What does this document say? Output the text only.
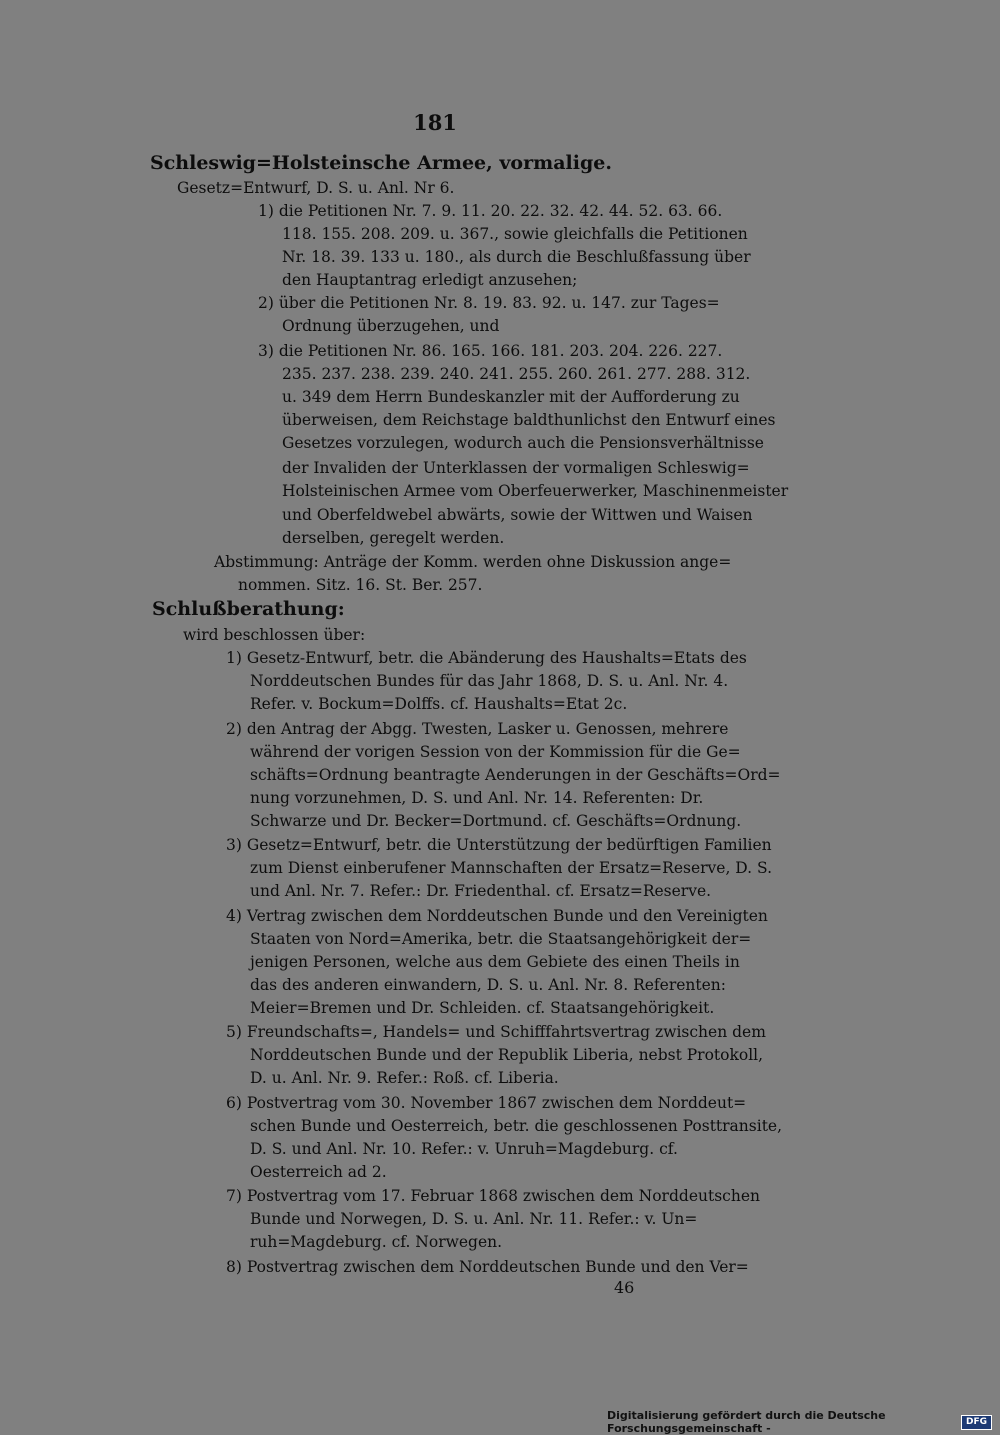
181
Schleswig=Holsteinsche Armee, vormalige.
Gesetz=Entwurf, D. S. u. Anl. Nr 6.
1) die Petitionen Nr. 7. 9. 11. 20. 22. 32. 42. 44. 52. 63. 66.
118. 155. 208. 209. u. 367., sowie gleichfalls die Petitionen
Nr. 18. 39. 133 u. 180., als durch die Beschlußfassung über
den Hauptantrag erledigt anzusehen;
2) über die Petitionen Nr. 8. 19. 83. 92. u. 147. zur Tages=
Ordnung überzugehen, und
3) die Petitionen Nr. 86. 165. 166. 181. 203. 204. 226. 227.
235. 237. 238. 239. 240. 241. 255. 260. 261. 277. 288. 312.
u. 349 dem Herrn Bundeskanzler mit der Aufforderung zu
überweisen, dem Reichstage baldthunlichst den Entwurf eines
Gesetzes vorzulegen, wodurch auch die Pensionsverhältnisse
der Invaliden der Unterklassen der vormaligen Schleswig=
Holsteinischen Armee vom Oberfeuerwerker, Maschinenmeister
und Oberfeldwebel abwärts, sowie der Wittwen und Waisen
derselben, geregelt werden.
Abstimmung: Anträge der Komm. werden ohne Diskussion ange=
nommen. Sitz. 16. St. Ber. 257.
Schlußberathung:
wird beschlossen über:
1) Gesetz-Entwurf, betr. die Abänderung des Haushalts=Etats des
Norddeutschen Bundes für das Jahr 1868, D. S. u. Anl. Nr. 4.
Refer. v. Bockum=Dolffs. cf. Haushalts=Etat 2c.
2) den Antrag der Abgg. Twesten, Lasker u. Genossen, mehrere
während der vorigen Session von der Kommission für die Ge=
schäfts=Ordnung beantragte Aenderungen in der Geschäfts=Ord=
nung vorzunehmen, D. S. und Anl. Nr. 14. Referenten: Dr.
Schwarze und Dr. Becker=Dortmund. cf. Geschäfts=Ordnung.
3) Gesetz=Entwurf, betr. die Unterstützung der bedürftigen Familien
zum Dienst einberufener Mannschaften der Ersatz=Reserve, D. S.
und Anl. Nr. 7. Refer.: Dr. Friedenthal. cf. Ersatz=Reserve.
4) Vertrag zwischen dem Norddeutschen Bunde und den Vereinigten
Staaten von Nord=Amerika, betr. die Staatsangehörigkeit der=
jenigen Personen, welche aus dem Gebiete des einen Theils in
das des anderen einwandern, D. S. u. Anl. Nr. 8. Referenten:
Meier=Bremen und Dr. Schleiden. cf. Staatsangehörigkeit.
5) Freundschafts=, Handels= und Schifffahrtsvertrag zwischen dem
Norddeutschen Bunde und der Republik Liberia, nebst Protokoll,
D. u. Anl. Nr. 9. Refer.: Roß. cf. Liberia.
6) Postvertrag vom 30. November 1867 zwischen dem Norddeut=
schen Bunde und Oesterreich, betr. die geschlossenen Posttransite,
D. S. und Anl. Nr. 10. Refer.: v. Unruh=Magdeburg. cf.
Oesterreich ad 2.
7) Postvertrag vom 17. Februar 1868 zwischen dem Norddeutschen
Bunde und Norwegen, D. S. u. Anl. Nr. 11. Refer.: v. Un=
ruh=Magdeburg. cf. Norwegen.
8) Postvertrag zwischen dem Norddeutschen Bunde und den Ver=
46
Digitalisierung gefördert durch die Deutsche Forschungsgemeinschaft -
DFG
